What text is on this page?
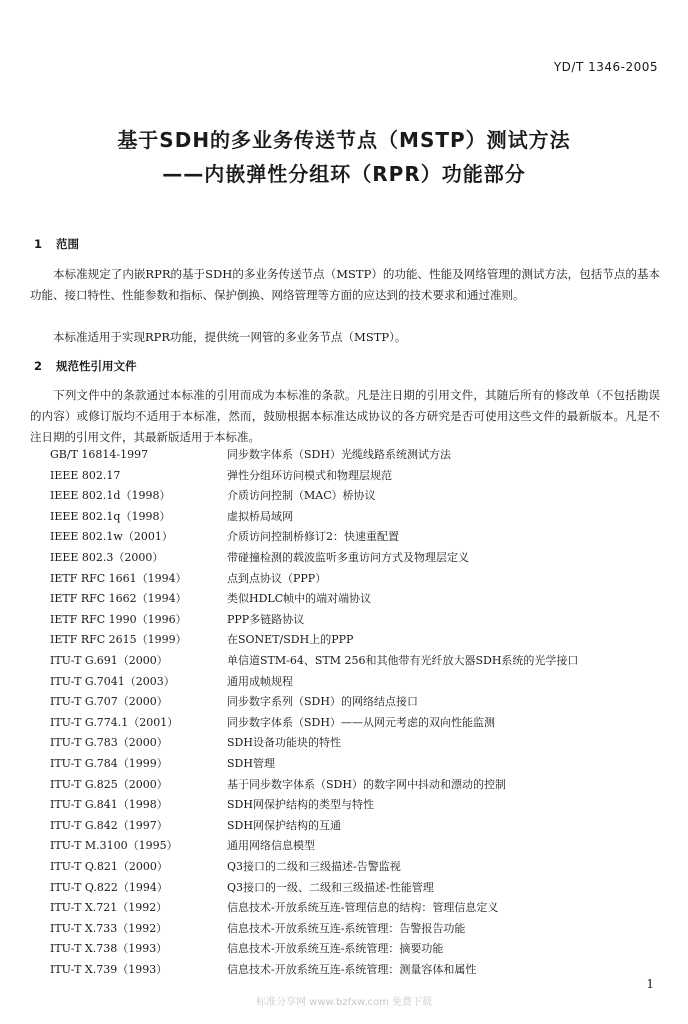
YD/T 1346-2005
基于SDH的多业务传送节点（MSTP）测试方法
——内嵌弹性分组环（RPR）功能部分
1 范围
本标准规定了内嵌RPR的基于SDH的多业务传送节点（MSTP）的功能、性能及网络管理的测试方法，包括节点的基本功能、接口特性、性能参数和指标、保护倒换、网络管理等方面的应达到的技术要求和通过准则。
本标准适用于实现RPR功能，提供统一网管的多业务节点（MSTP）。
2 规范性引用文件
下列文件中的条款通过本标准的引用而成为本标准的条款。凡是注日期的引用文件，其随后所有的修改单（不包括勘误的内容）或修订版均不适用于本标准，然而，鼓励根据本标准达成协议的各方研究是否可使用这些文件的最新版本。凡是不注日期的引用文件，其最新版适用于本标准。
GB/T 16814-1997	同步数字体系（SDH）光缆线路系统测试方法
IEEE 802.17	弹性分组环访问模式和物理层规范
IEEE 802.1d（1998）	介质访问控制（MAC）桥协议
IEEE 802.1q（1998）	虚拟桥局域网
IEEE 802.1w（2001）	介质访问控制桥修订2：快速重配置
IEEE 802.3（2000）	带碰撞检测的载波监听多重访问方式及物理层定义
IETF RFC 1661（1994）	点到点协议（PPP）
IETF RFC 1662（1994）	类似HDLC帧中的端对端协议
IETF RFC 1990（1996）	PPP多链路协议
IETF RFC 2615（1999）	在SONET/SDH上的PPP
ITU-T G.691（2000）	单信道STM-64、STM 256和其他带有光纤放大器SDH系统的光学接口
ITU-T G.7041（2003）	通用成帧规程
ITU-T G.707（2000）	同步数字系列（SDH）的网络结点接口
ITU-T G.774.1（2001）	同步数字体系（SDH）——从网元考虑的双向性能监测
ITU-T G.783（2000）	SDH设备功能块的特性
ITU-T G.784（1999）	SDH管理
ITU-T G.825（2000）	基于同步数字体系（SDH）的数字网中抖动和漂动的控制
ITU-T G.841（1998）	SDH网保护结构的类型与特性
ITU-T G.842（1997）	SDH网保护结构的互通
ITU-T M.3100（1995）	通用网络信息模型
ITU-T Q.821（2000）	Q3接口的二级和三级描述-告警监视
ITU-T Q.822（1994）	Q3接口的一级、二级和三级描述-性能管理
ITU-T X.721（1992）	信息技术-开放系统互连-管理信息的结构：管理信息定义
ITU-T X.733（1992）	信息技术-开放系统互连-系统管理：告警报告功能
ITU-T X.738（1993）	信息技术-开放系统互连-系统管理：摘要功能
ITU-T X.739（1993）	信息技术-开放系统互连-系统管理：测量容体和属性
1
标准分享网 www.bzfxw.com 免费下载
